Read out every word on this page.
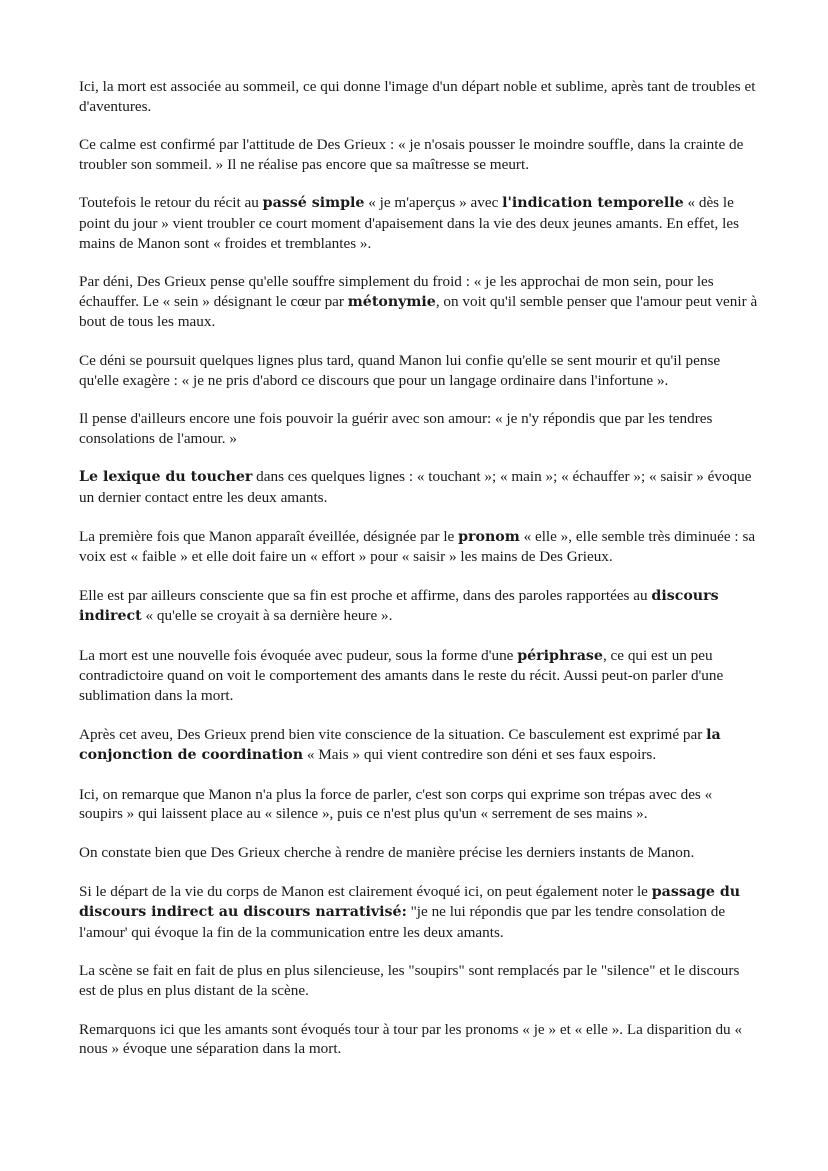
Ici, la mort est associée au sommeil, ce qui donne l'image d'un départ noble et sublime, après tant de troubles et d'aventures.

Ce calme est confirmé par l'attitude de Des Grieux : « je n'osais pousser le moindre souffle, dans la crainte de troubler son sommeil. » Il ne réalise pas encore que sa maîtresse se meurt.

Toutefois le retour du récit au passé simple « je m'aperçus » avec l'indication temporelle « dès le point du jour » vient troubler ce court moment d'apaisement dans la vie des deux jeunes amants. En effet, les mains de Manon sont « froides et tremblantes ».

Par déni, Des Grieux pense qu'elle souffre simplement du froid : « je les approchai de mon sein, pour les échauffer. Le « sein » désignant le cœur par métonymie, on voit qu'il semble penser que l'amour peut venir à bout de tous les maux.

Ce déni se poursuit quelques lignes plus tard, quand Manon lui confie qu'elle se sent mourir et qu'il pense qu'elle exagère : « je ne pris d'abord ce discours que pour un langage ordinaire dans l'infortune ».

Il pense d'ailleurs encore une fois pouvoir la guérir avec son amour: « je n'y répondis que par les tendres consolations de l'amour. »

Le lexique du toucher dans ces quelques lignes : « touchant »; « main »; « échauffer »; « saisir » évoque un dernier contact entre les deux amants.

La première fois que Manon apparaît éveillée, désignée par le pronom « elle », elle semble très diminuée : sa voix est « faible » et elle doit faire un « effort » pour « saisir » les mains de Des Grieux.

Elle est par ailleurs consciente que sa fin est proche et affirme, dans des paroles rapportées au discours indirect « qu'elle se croyait à sa dernière heure ».

La mort est une nouvelle fois évoquée avec pudeur, sous la forme d'une périphrase, ce qui est un peu contradictoire quand on voit le comportement des amants dans le reste du récit. Aussi peut-on parler d'une sublimation dans la mort.

Après cet aveu, Des Grieux prend bien vite conscience de la situation. Ce basculement est exprimé par la conjonction de coordination « Mais » qui vient contredire son déni et ses faux espoirs.

Ici, on remarque que Manon n'a plus la force de parler, c'est son corps qui exprime son trépas avec des « soupirs » qui laissent place au « silence », puis ce n'est plus qu'un « serrement de ses mains ».

On constate bien que Des Grieux cherche à rendre de manière précise les derniers instants de Manon.

Si le départ de la vie du corps de Manon est clairement évoqué ici, on peut également noter le passage du discours indirect au discours narrativisé: "je ne lui répondis que par les tendre consolation de l'amour' qui évoque la fin de la communication entre les deux amants.

La scène se fait en fait de plus en plus silencieuse, les "soupirs" sont remplacés par le "silence" et le discours est de plus en plus distant de la scène.

Remarquons ici que les amants sont évoqués tour à tour par les pronoms « je » et « elle ». La disparition du « nous » évoque une séparation dans la mort.
